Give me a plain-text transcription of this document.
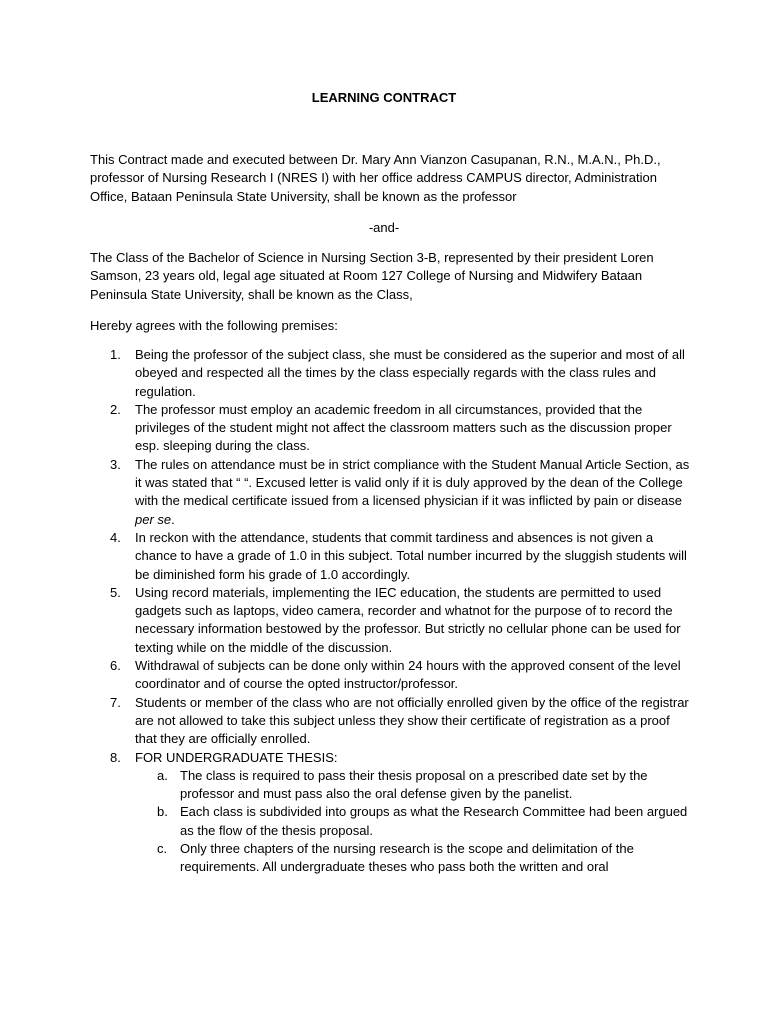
LEARNING CONTRACT

This Contract made and executed between Dr. Mary Ann Vianzon Casupanan, R.N., M.A.N., Ph.D., professor of Nursing Research I (NRES I) with her office address CAMPUS director, Administration Office, Bataan Peninsula State University, shall be known as the professor

-and-

The Class of the Bachelor of Science in Nursing Section 3-B, represented by their president Loren Samson, 23 years old, legal age situated at Room 127 College of Nursing and Midwifery Bataan Peninsula State University, shall be known as the Class,

Hereby agrees with the following premises:

1. Being the professor of the subject class, she must be considered as the superior and most of all obeyed and respected all the times by the class especially regards with the class rules and regulation.
2. The professor must employ an academic freedom in all circumstances, provided that the privileges of the student might not affect the classroom matters such as the discussion proper esp. sleeping during the class.
3. The rules on attendance must be in strict compliance with the Student Manual Article Section, as it was stated that “ “. Excused letter is valid only if it is duly approved by the dean of the College with the medical certificate issued from a licensed physician if it was inflicted by pain or disease per se.
4. In reckon with the attendance, students that commit tardiness and absences is not given a chance to have a grade of 1.0 in this subject. Total number incurred by the sluggish students will be diminished form his grade of 1.0 accordingly.
5. Using record materials, implementing the IEC education, the students are permitted to used gadgets such as laptops, video camera, recorder and whatnot for the purpose of to record the necessary information bestowed by the professor. But strictly no cellular phone can be used for texting while on the middle of the discussion.
6. Withdrawal of subjects can be done only within 24 hours with the approved consent of the level coordinator and of course the opted instructor/professor.
7. Students or member of the class who are not officially enrolled given by the office of the registrar are not allowed to take this subject unless they show their certificate of registration as a proof that they are officially enrolled.
8. FOR UNDERGRADUATE THESIS:
a. The class is required to pass their thesis proposal on a prescribed date set by the professor and must pass also the oral defense given by the panelist.
b. Each class is subdivided into groups as what the Research Committee had been argued as the flow of the thesis proposal.
c. Only three chapters of the nursing research is the scope and delimitation of the requirements. All undergraduate theses who pass both the written and oral
